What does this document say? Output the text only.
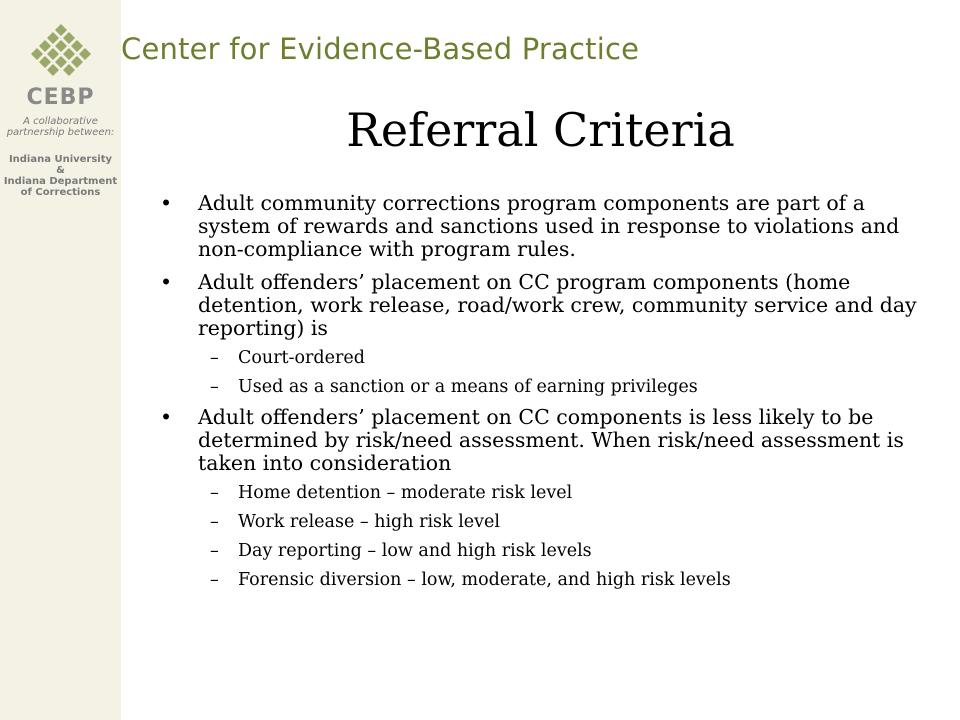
Center for Evidence-Based Practice
CEBP
A collaborative
partnership between:
Indiana University
&
Indiana Department
of Corrections
Referral Criteria
• Adult community corrections program components are part of a system of rewards and sanctions used in response to violations and non-compliance with program rules.
• Adult offenders’ placement on CC program components (home detention, work release, road/work crew, community service and day reporting) is
– Court-ordered
– Used as a sanction or a means of earning privileges
• Adult offenders’ placement on CC components is less likely to be determined by risk/need assessment. When risk/need assessment is taken into consideration
– Home detention – moderate risk level
– Work release – high risk level
– Day reporting – low and high risk levels
– Forensic diversion – low, moderate, and high risk levels
